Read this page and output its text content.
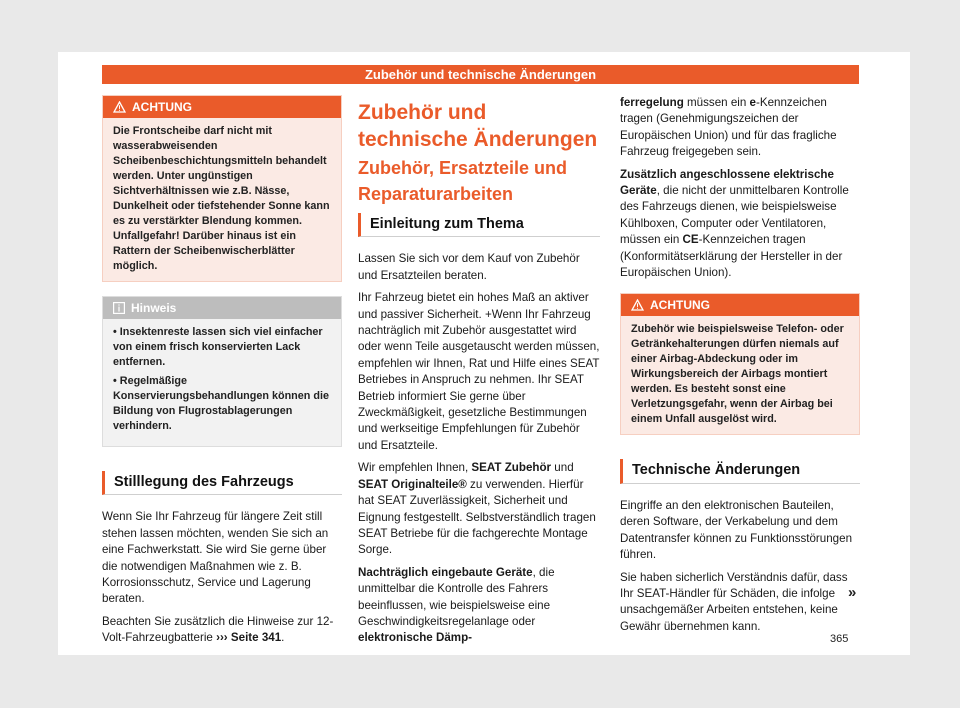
Zubehör und technische Änderungen
ACHTUNG
Die Frontscheibe darf nicht mit wasserabweisenden Scheibenbeschichtungsmitteln behandelt werden. Unter ungünstigen Sichtverhältnissen wie z.B. Nässe, Dunkelheit oder tiefstehender Sonne kann es zu verstärkter Blendung kommen. Unfallgefahr! Darüber hinaus ist ein Rattern der Scheibenwischerblätter möglich.
Hinweis

• Insektenreste lassen sich viel einfacher von einem frisch konservierten Lack entfernen.

• Regelmäßige Konservierungsbehandlungen können die Bildung von Flugrostablagerungen verhindern.

Stilllegung des Fahrzeugs

Wenn Sie Ihr Fahrzeug für längere Zeit still stehen lassen möchten, wenden Sie sich an eine Fachwerkstatt. Sie wird Sie gerne über die notwendigen Maßnahmen wie z. B. Korrosionsschutz, Service und Lagerung beraten.

Beachten Sie zusätzlich die Hinweise zur 12-Volt-Fahrzeugbatterie ››› Seite 341.

Zubehör und technische Änderungen
Zubehör, Ersatzteile und Reparaturarbeiten
Einleitung zum Thema

Lassen Sie sich vor dem Kauf von Zubehör und Ersatzteilen beraten.

Ihr Fahrzeug bietet ein hohes Maß an aktiver und passiver Sicherheit. +Wenn Ihr Fahrzeug nachträglich mit Zubehör ausgestattet wird oder wenn Teile ausgetauscht werden müssen, empfehlen wir Ihnen, Rat und Hilfe eines SEAT Betriebes in Anspruch zu nehmen. Ihr SEAT Betrieb informiert Sie gerne über Zweckmäßigkeit, gesetzliche Bestimmungen und werkseitige Empfehlungen für Zubehör und Ersatzteile.

Wir empfehlen Ihnen, SEAT Zubehör und SEAT Originalteile® zu verwenden. Hierfür hat SEAT Zuverlässigkeit, Sicherheit und Eignung festgestellt. Selbstverständlich tragen SEAT Betriebe für die fachgerechte Montage Sorge.

Nachträglich eingebaute Geräte, die unmittelbar die Kontrolle des Fahrers beeinflussen, wie beispielsweise eine Geschwindigkeitsregelanlage oder elektronische Dämp-

ferregelung müssen ein e-Kennzeichen tragen (Genehmigungszeichen der Europäischen Union) und für das fragliche Fahrzeug freigegeben sein.

Zusätzlich angeschlossene elektrische Geräte, die nicht der unmittelbaren Kontrolle des Fahrzeugs dienen, wie beispielsweise Kühlboxen, Computer oder Ventilatoren, müssen ein CE-Kennzeichen tragen (Konformitätserklärung der Hersteller in der Europäischen Union).

ACHTUNG
Zubehör wie beispielsweise Telefon- oder Getränkehalterungen dürfen niemals auf einer Airbag-Abdeckung oder im Wirkungsbereich der Airbags montiert werden. Es besteht sonst eine Verletzungsgefahr, wenn der Airbag bei einem Unfall ausgelöst wird.
Technische Änderungen

Eingriffe an den elektronischen Bauteilen, deren Software, der Verkabelung und dem Datentransfer können zu Funktionsstörungen führen.

Sie haben sicherlich Verständnis dafür, dass Ihr SEAT-Händler für Schäden, die infolge unsachgemäßer Arbeiten entstehen, keine Gewähr übernehmen kann.

»
365
